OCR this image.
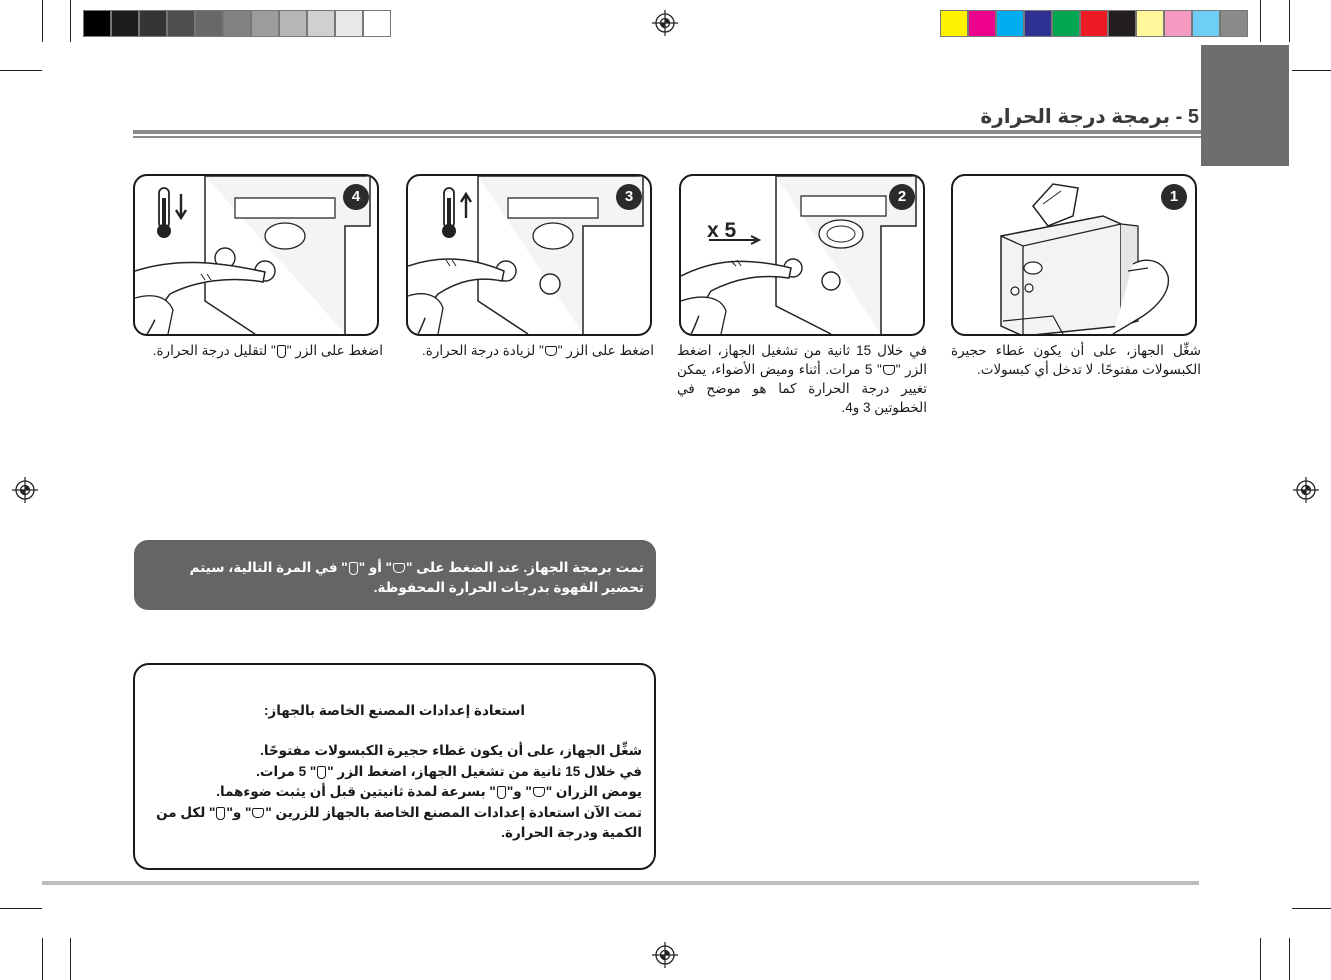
5 - برمجة درجة الحرارة
1
x 5
2
3
4
شغِّل الجهاز، على أن يكون غطاء حجيرة الكبسولات مفتوحًا. لا تدخل أي كبسولات.
في خلال 15 ثانية من تشغيل الجهاز، اضغط الزر "" 5 مرات. أثناء وميض الأضواء، يمكن تغيير درجة الحرارة كما هو موضح في الخطوتين 3 و4.
اضغط على الزر "" لزيادة درجة الحرارة.
اضغط على الزر "" لتقليل درجة الحرارة.
تمت برمجة الجهاز. عند الضغط على "" أو "" في المرة التالية، سيتم تحضير القهوة بدرجات الحرارة المحفوظة.
استعادة إعدادات المصنع الخاصة بالجهاز:
شغِّل الجهاز، على أن يكون غطاء حجيرة الكبسولات مفتوحًا.
في خلال 15 ثانية من تشغيل الجهاز، اضغط الزر "" 5 مرات.
يومض الزران "" و"" بسرعة لمدة ثانيتين قبل أن يثبت ضوءهما.
تمت الآن استعادة إعدادات المصنع الخاصة بالجهاز للزرين "" و"" لكل من الكمية ودرجة الحرارة.
